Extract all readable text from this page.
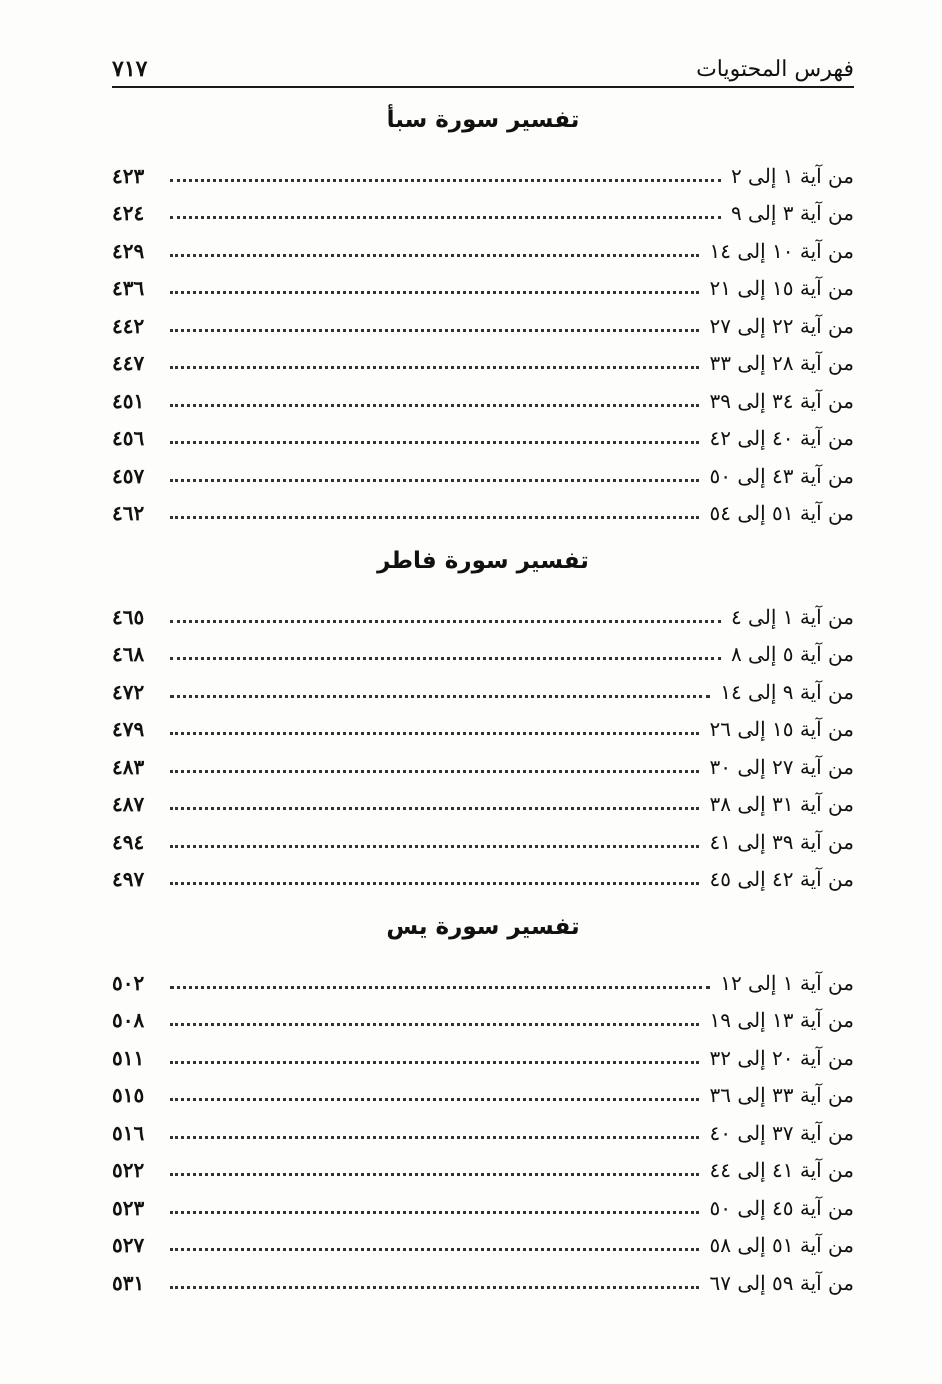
فهرس المحتويات
٧١٧
تفسير سورة سبأ
من آية ١ إلى ٢
٤٢٣
من آية ٣ إلى ٩
٤٢٤
من آية ١٠ إلى ١٤
٤٢٩
من آية ١٥ إلى ٢١
٤٣٦
من آية ٢٢ إلى ٢٧
٤٤٢
من آية ٢٨ إلى ٣٣
٤٤٧
من آية ٣٤ إلى ٣٩
٤٥١
من آية ٤٠ إلى ٤٢
٤٥٦
من آية ٤٣ إلى ٥٠
٤٥٧
من آية ٥١ إلى ٥٤
٤٦٢
تفسير سورة فاطر
من آية ١ إلى ٤
٤٦٥
من آية ٥ إلى ٨
٤٦٨
من آية ٩ إلى ١٤
٤٧٢
من آية ١٥ إلى ٢٦
٤٧٩
من آية ٢٧ إلى ٣٠
٤٨٣
من آية ٣١ إلى ٣٨
٤٨٧
من آية ٣٩ إلى ٤١
٤٩٤
من آية ٤٢ إلى ٤٥
٤٩٧
تفسير سورة يس
من آية ١ إلى ١٢
٥٠٢
من آية ١٣ إلى ١٩
٥٠٨
من آية ٢٠ إلى ٣٢
٥١١
من آية ٣٣ إلى ٣٦
٥١٥
من آية ٣٧ إلى ٤٠
٥١٦
من آية ٤١ إلى ٤٤
٥٢٢
من آية ٤٥ إلى ٥٠
٥٢٣
من آية ٥١ إلى ٥٨
٥٢٧
من آية ٥٩ إلى ٦٧
٥٣١
